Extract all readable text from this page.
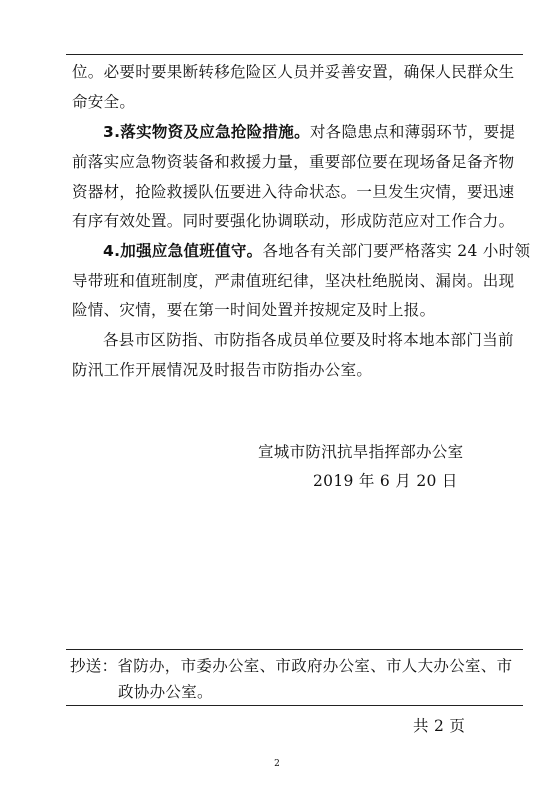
位。必要时要果断转移危险区人员并妥善安置，确保人民群众生
命安全。
3.落实物资及应急抢险措施。对各隐患点和薄弱环节，要提
前落实应急物资装备和救援力量，重要部位要在现场备足备齐物
资器材，抢险救援队伍要进入待命状态。一旦发生灾情，要迅速
有序有效处置。同时要强化协调联动，形成防范应对工作合力。
4.加强应急值班值守。各地各有关部门要严格落实 24 小时领
导带班和值班制度，严肃值班纪律，坚决杜绝脱岗、漏岗。出现
险情、灾情，要在第一时间处置并按规定及时上报。
各县市区防指、市防指各成员单位要及时将本地本部门当前
防汛工作开展情况及时报告市防指办公室。
宣城市防汛抗旱指挥部办公室
2019 年 6 月 20 日
抄送：省防办，市委办公室、市政府办公室、市人大办公室、市
政协办公室。
共 2 页
2
